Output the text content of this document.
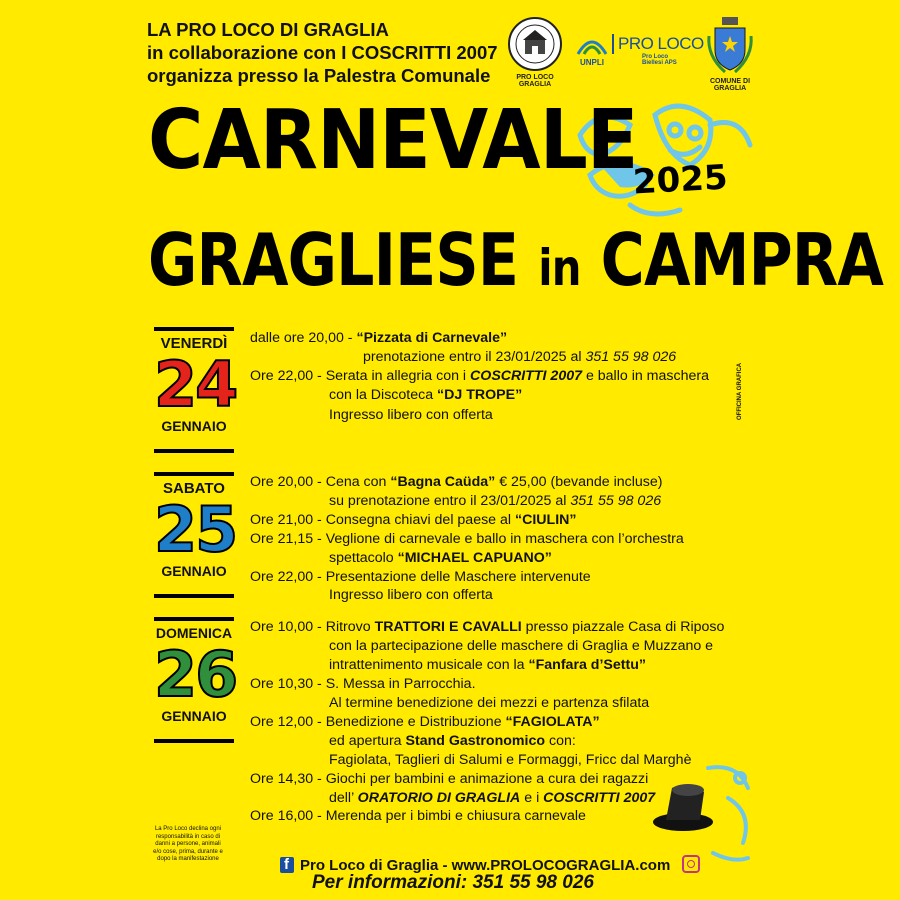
LA PRO LOCO DI GRAGLIA
in collaborazione con I COSCRITTI 2007
organizza presso la Palestra Comunale	PRO LOCO GRAGLIA
UNPLI
PRO LOCO
Pro Loco
Biellesi APS
COMUNE DI GRAGLIA
CARNEVALE
2025
GRAGLIESE in CAMPRA
VENERDÌ
24
GENNAIO
SABATO
25
GENNAIO
DOMENICA
26
GENNAIO
dalle ore 20,00 - “Pizzata di Carnevale”
prenotazione entro il 23/01/2025 al 351 55 98 026
Ore 22,00 - Serata in allegria con i COSCRITTI 2007 e ballo in maschera
con la Discoteca “DJ TROPE”
Ingresso libero con offerta	OFFICINA GRAFICA
Ore 20,00 - Cena con “Bagna Caüda” € 25,00 (bevande incluse)
su prenotazione entro il 23/01/2025 al 351 55 98 026
Ore 21,00 - Consegna chiavi del paese al “CIULIN”
Ore 21,15 - Veglione di carnevale e ballo in maschera con l’orchestra
spettacolo “MICHAEL CAPUANO”
Ore 22,00 - Presentazione delle Maschere intervenute
Ingresso libero con offerta
Ore 10,00 - Ritrovo TRATTORI E CAVALLI presso piazzale Casa di Riposo
con la partecipazione delle maschere di Graglia e Muzzano e
intrattenimento musicale con la “Fanfara d’Settu”
Ore 10,30 - S. Messa in Parrocchia.
Al termine benedizione dei mezzi e partenza sfilata
Ore 12,00 - Benedizione e Distribuzione “FAGIOLATA”
ed apertura Stand Gastronomico con:
Fagiolata, Taglieri di Salumi e Formaggi, Fricc dal Marghè
Ore 14,30 - Giochi per bambini e animazione a cura dei ragazzi
dell’ ORATORIO DI GRAGLIA e i COSCRITTI 2007
Ore 16,00 - Merenda per i bimbi e chiusura carnevale
La Pro Loco declina ogni responsabilità in caso di danni a persone, animali e/o cose, prima, durante e dopo la manifestazione	f Pro Loco di Graglia - www.PROLOCOGRAGLIA.com
Per informazioni: 351 55 98 026
